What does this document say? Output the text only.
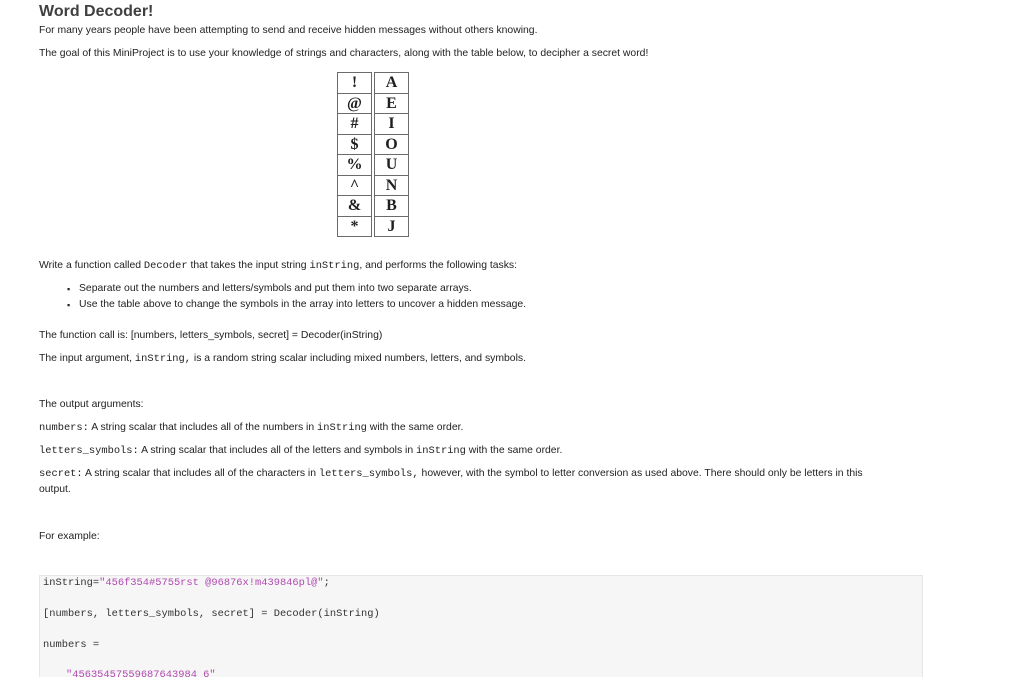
Word Decoder!

For many years people have been attempting to send and receive hidden messages without others knowing.

The goal of this MiniProject is to use your knowledge of strings and characters, along with the table below, to decipher a secret word!

!		A
@		E
#		I
$		O
%		U
^		N
&		B
*		J

Write a function called Decoder that takes the input string inString, and performs the following tasks:

▪ Separate out the numbers and letters/symbols and put them into two separate arrays.
▪ Use the table above to change the symbols in the array into letters to uncover a hidden message.

The function call is: [numbers, letters_symbols, secret] = Decoder(inString)

The input argument, inString, is a random string scalar including mixed numbers, letters, and symbols.

The output arguments:

numbers: A string scalar that includes all of the numbers in inString with the same order.

letters_symbols: A string scalar that includes all of the letters and symbols in inString with the same order.

secret: A string scalar that includes all of the characters in letters_symbols, however, with the symbol to letter conversion as used above. There should only be letters in this output.

For example:

inString="456f354#5755rst @96876x!m439846pl@";
[numbers, letters_symbols, secret] = Decoder(inString)
numbers =
"45635457559687643984 6"
